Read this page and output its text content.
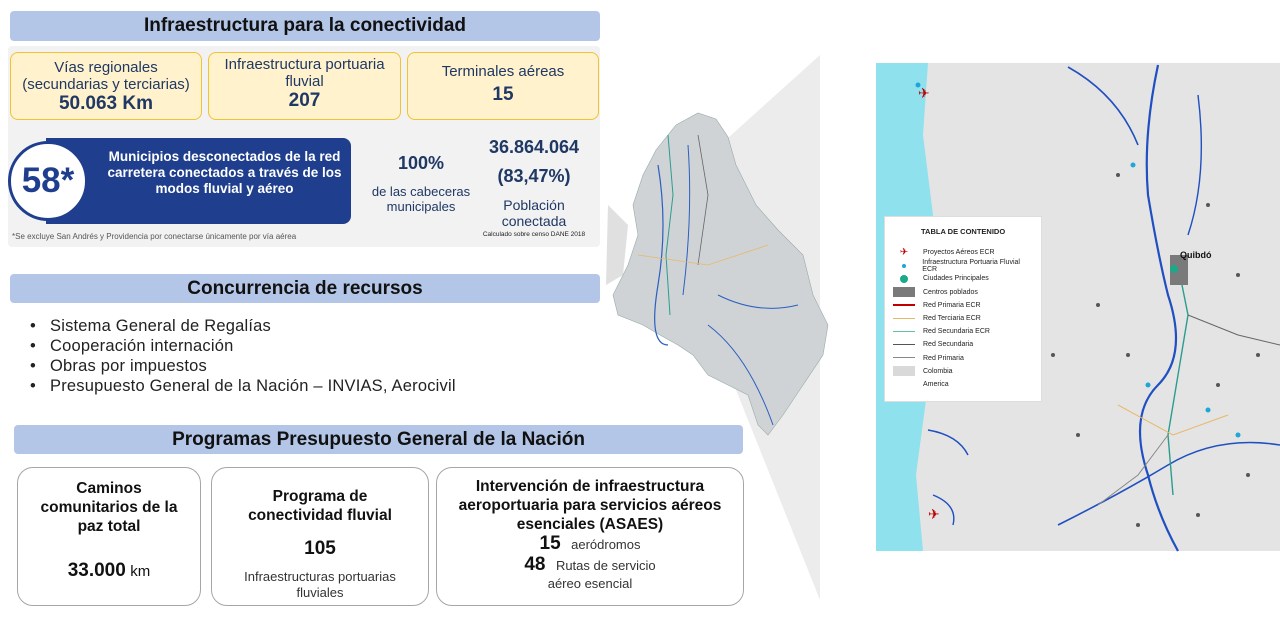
Infraestructura para la conectividad
Vías regionales
(secundarias y terciarias)
50.063 Km
Infraestructura portuaria fluvial
207
Terminales aéreas
15
Municipios desconectados de la red carretera conectados a través de los modos fluvial y aéreo
58*	100%
de las cabeceras municipales
36.864.064
(83,47%)
Población conectada
Calculado sobre censo DANE 2018
*Se excluye San Andrés y Providencia por conectarse únicamente por vía aérea
Concurrencia de recursos
• Sistema General de Regalías
• Cooperación internación
• Obras por impuestos
• Presupuesto General de la Nación – INVIAS, Aerocivil
Programas Presupuesto General de la Nación
Caminos comunitarios de la paz total
33.000 km
Programa de conectividad fluvial
105
Infraestructuras portuarias fluviales
Intervención de infraestructura aeroportuaria para servicios aéreos esenciales (ASAES)
15 aeródromos
48 Rutas de servicio
aéreo esencial
✈
✈
Quibdó
TABLA DE CONTENIDO
✈	Proyectos Aéreos ECR
Infraestructura Portuaria Fluvial ECR
Ciudades Principales
Centros poblados
Red Primaria ECR
Red Terciaria ECR
Red Secundaria ECR
Red Secundaria
Red Primaria
Colombia
America
